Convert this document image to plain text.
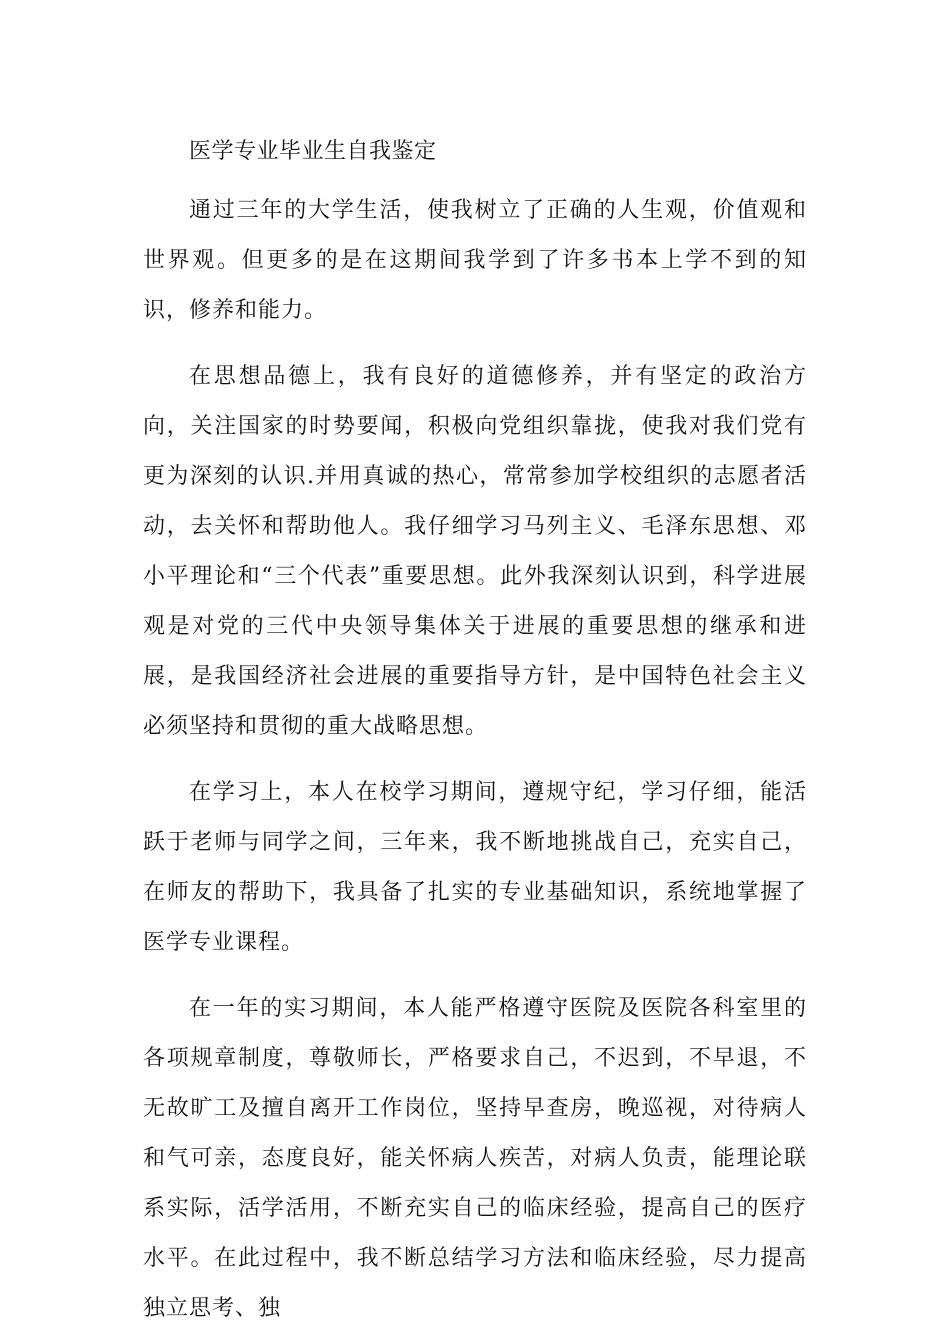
医学专业毕业生自我鉴定

通过三年的大学生活，使我树立了正确的人生观，价值观和世界观。但更多的是在这期间我学到了许多书本上学不到的知识，修养和能力。

在思想品德上，我有良好的道德修养，并有坚定的政治方向，关注国家的时势要闻，积极向党组织靠拢，使我对我们党有更为深刻的认识.并用真诚的热心，常常参加学校组织的志愿者活动，去关怀和帮助他人。我仔细学习马列主义、毛泽东思想、邓小平理论和“三个代表”重要思想。此外我深刻认识到，科学进展观是对党的三代中央领导集体关于进展的重要思想的继承和进展，是我国经济社会进展的重要指导方针，是中国特色社会主义必须坚持和贯彻的重大战略思想。

在学习上，本人在校学习期间，遵规守纪，学习仔细，能活跃于老师与同学之间，三年来，我不断地挑战自己，充实自己，在师友的帮助下，我具备了扎实的专业基础知识，系统地掌握了医学专业课程。

在一年的实习期间，本人能严格遵守医院及医院各科室里的各项规章制度，尊敬师长，严格要求自己，不迟到，不早退，不无故旷工及擅自离开工作岗位，坚持早查房，晚巡视，对待病人和气可亲，态度良好，能关怀病人疾苦，对病人负责，能理论联系实际，活学活用，不断充实自己的临床经验，提高自己的医疗水平。在此过程中，我不断总结学习方法和临床经验，尽力提高独立思考、独
